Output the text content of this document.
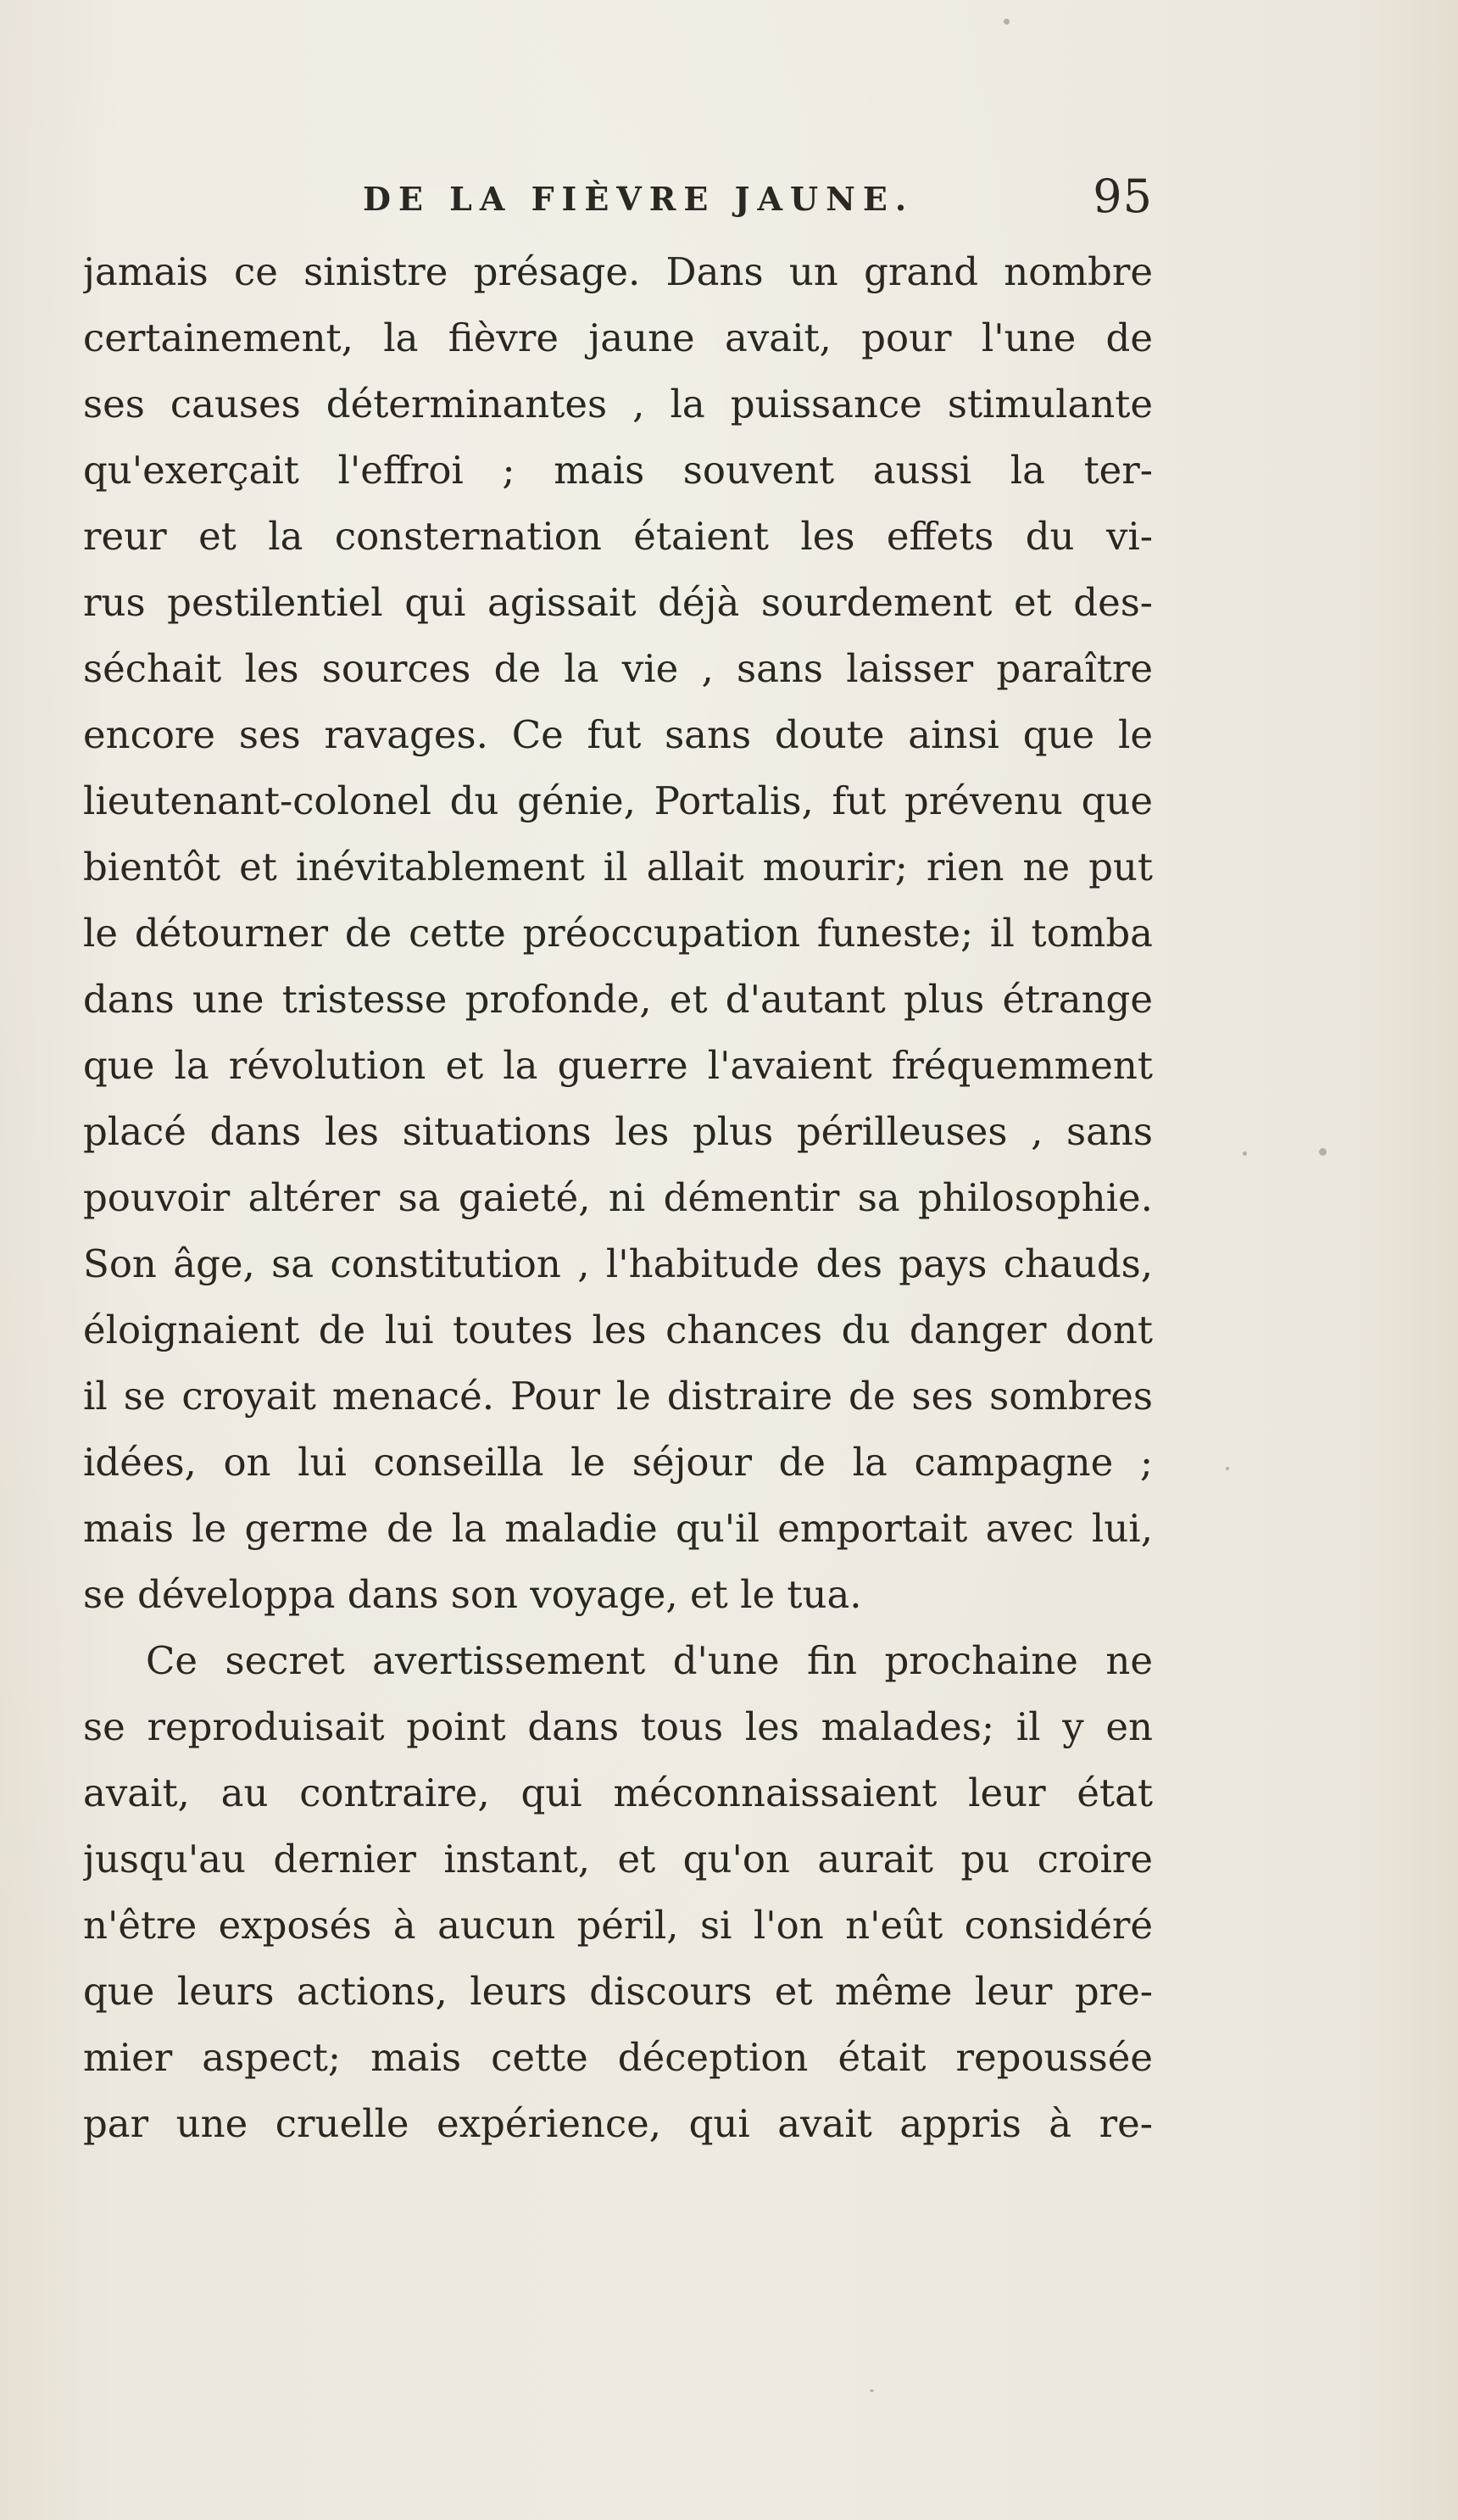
DE LA FIÈVRE JAUNE.	95
jamais ce sinistre présage. Dans un grand nombre
certainement, la fièvre jaune avait, pour l'une de
ses causes déterminantes , la puissance stimulante
qu'exerçait l'effroi ; mais souvent aussi la ter-
reur et la consternation étaient les effets du vi-
rus pestilentiel qui agissait déjà sourdement et des-
séchait les sources de la vie , sans laisser paraître
encore ses ravages. Ce fut sans doute ainsi que le
lieutenant-colonel du génie, Portalis, fut prévenu que
bientôt et inévitablement il allait mourir; rien ne put
le détourner de cette préoccupation funeste; il tomba
dans une tristesse profonde, et d'autant plus étrange
que la révolution et la guerre l'avaient fréquemment
placé dans les situations les plus périlleuses , sans
pouvoir altérer sa gaieté, ni démentir sa philosophie.
Son âge, sa constitution , l'habitude des pays chauds,
éloignaient de lui toutes les chances du danger dont
il se croyait menacé. Pour le distraire de ses sombres
idées, on lui conseilla le séjour de la campagne ;
mais le germe de la maladie qu'il emportait avec lui,
se développa dans son voyage, et le tua.
Ce secret avertissement d'une fin prochaine ne
se reproduisait point dans tous les malades; il y en
avait, au contraire, qui méconnaissaient leur état
jusqu'au dernier instant, et qu'on aurait pu croire
n'être exposés à aucun péril, si l'on n'eût considéré
que leurs actions, leurs discours et même leur pre-
mier aspect; mais cette déception était repoussée
par une cruelle expérience, qui avait appris à re-
